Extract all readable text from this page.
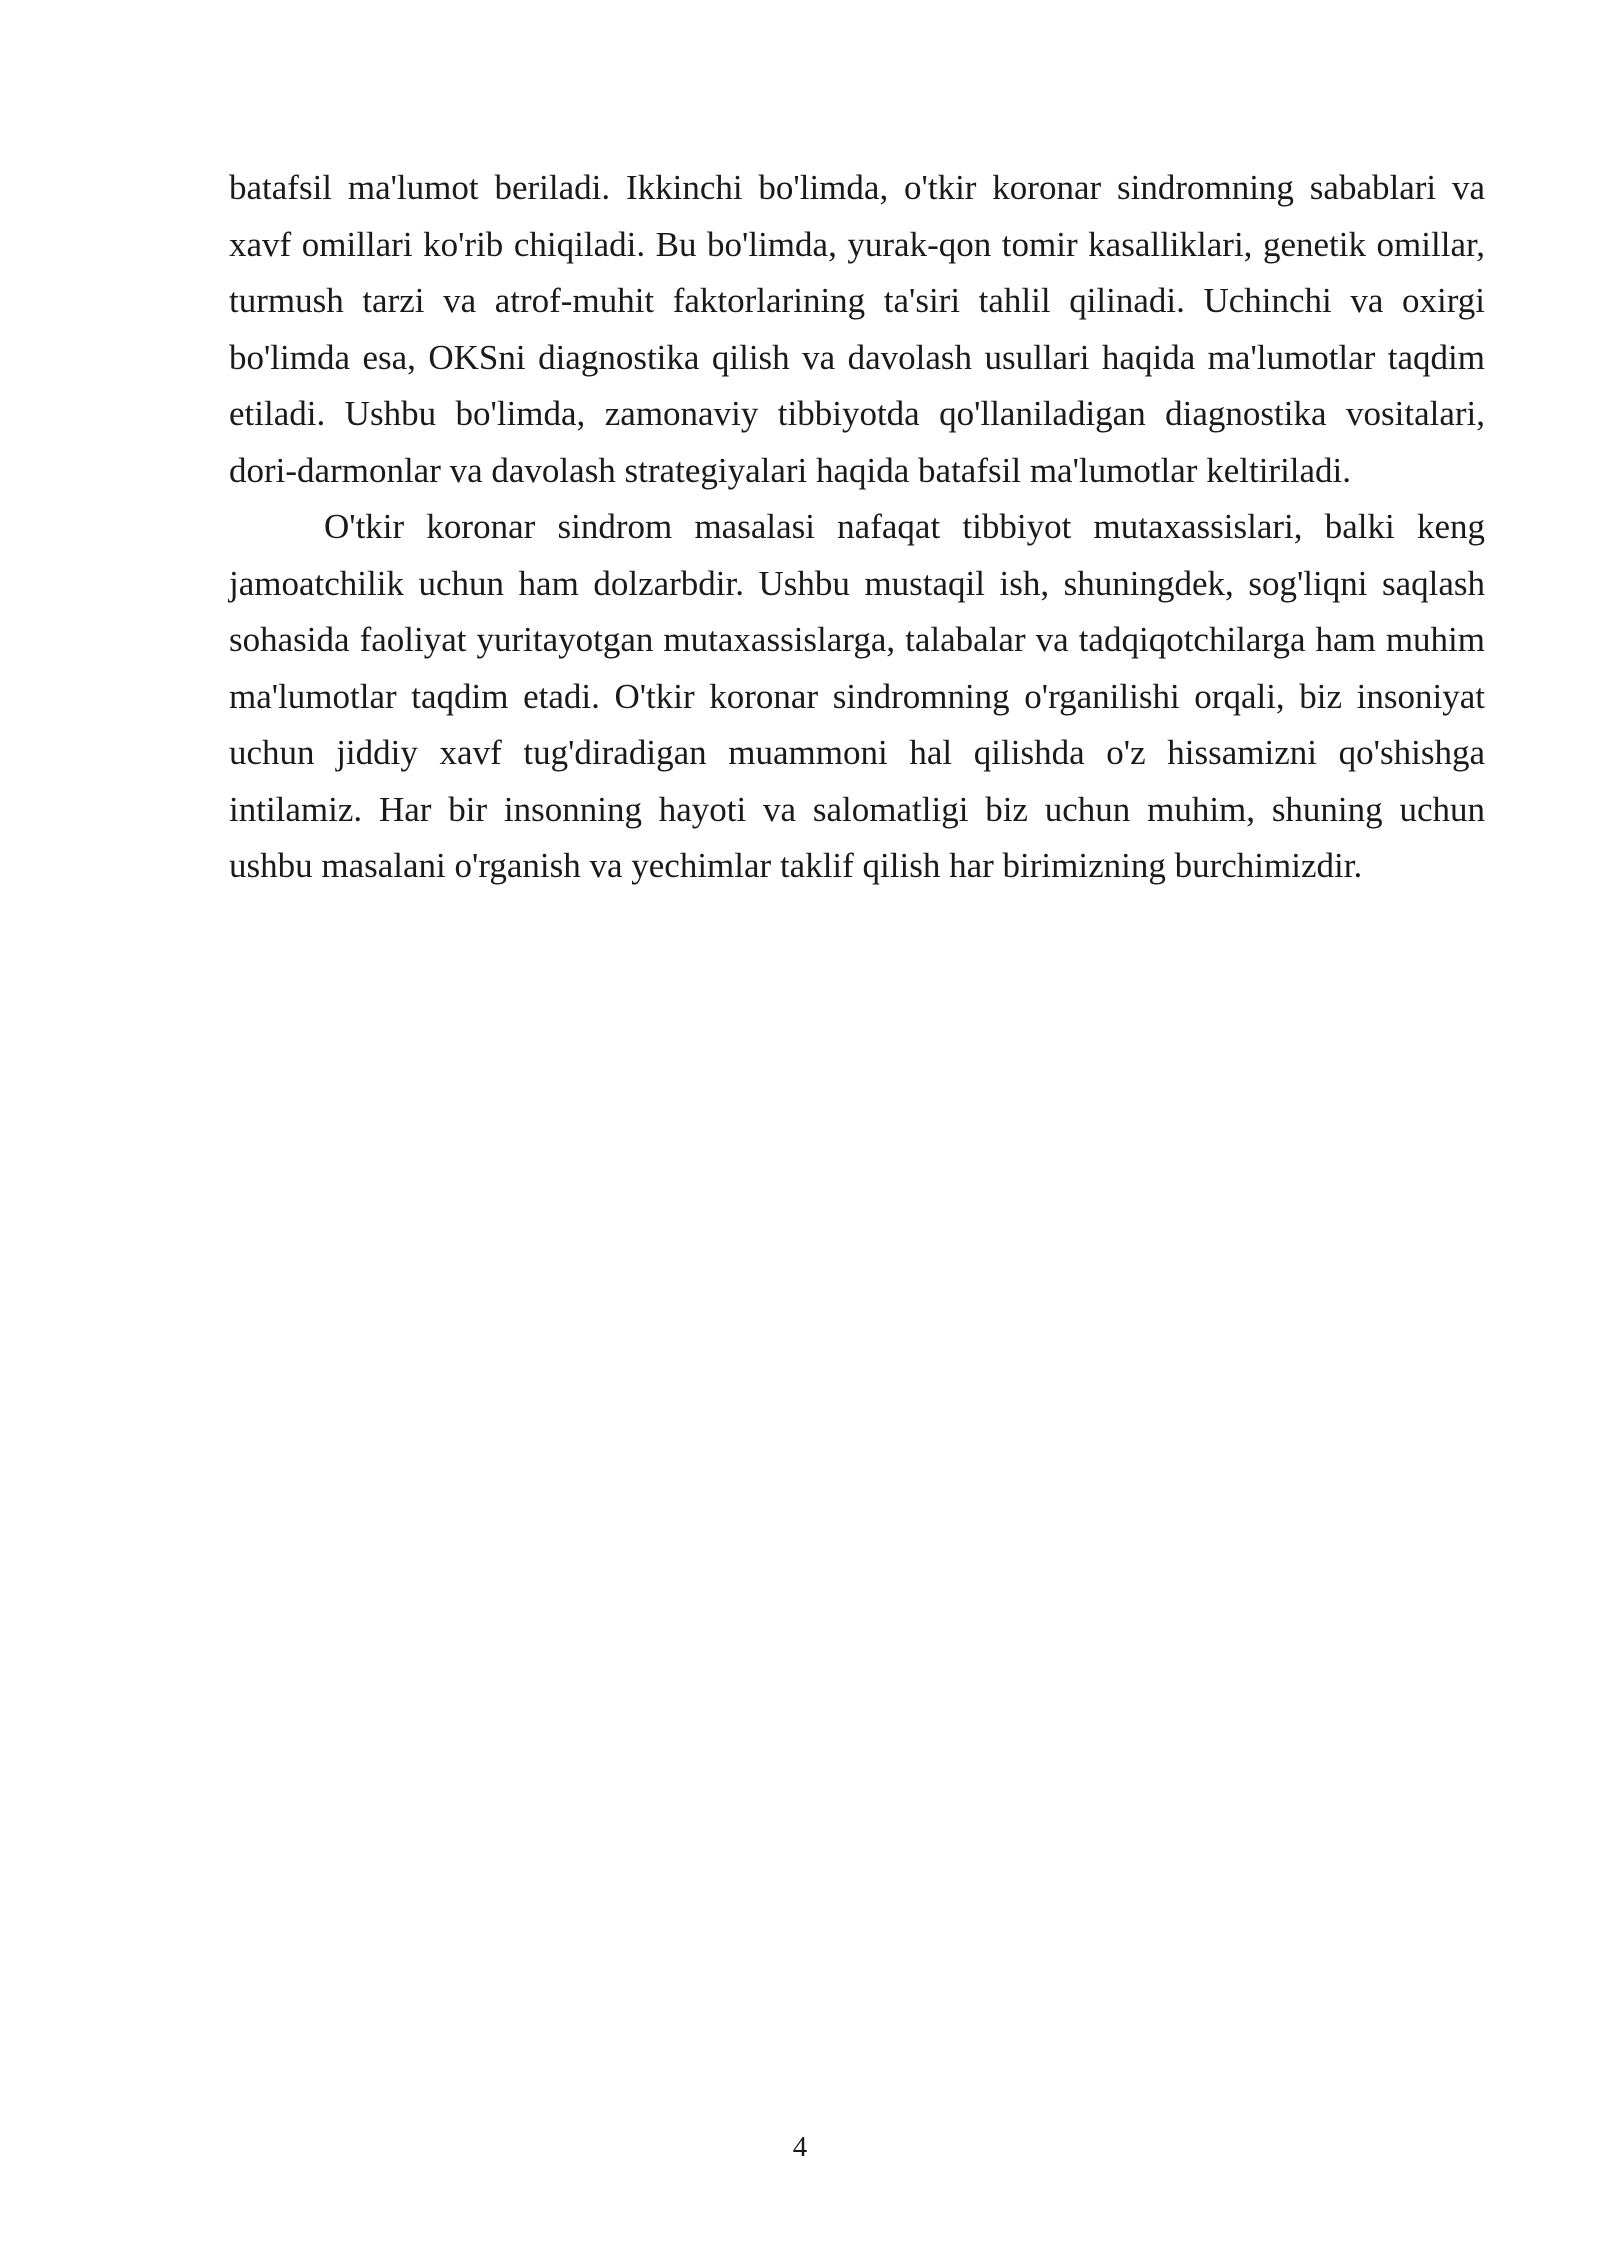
batafsil ma'lumot beriladi. Ikkinchi bo'limda, o'tkir koronar sindromning sabablari va xavf omillari ko'rib chiqiladi. Bu bo'limda, yurak-qon tomir kasalliklari, genetik omillar, turmush tarzi va atrof-muhit faktorlarining ta'siri tahlil qilinadi. Uchinchi va oxirgi bo'limda esa, OKSni diagnostika qilish va davolash usullari haqida ma'lumotlar taqdim etiladi. Ushbu bo'limda, zamonaviy tibbiyotda qo'llaniladigan diagnostika vositalari, dori-darmonlar va davolash strategiyalari haqida batafsil ma'lumotlar keltiriladi.

O'tkir koronar sindrom masalasi nafaqat tibbiyot mutaxassislari, balki keng jamoatchilik uchun ham dolzarbdir. Ushbu mustaqil ish, shuningdek, sog'liqni saqlash sohasida faoliyat yuritayotgan mutaxassislarga, talabalar va tadqiqotchilarga ham muhim ma'lumotlar taqdim etadi. O'tkir koronar sindromning o'rganilishi orqali, biz insoniyat uchun jiddiy xavf tug'diradigan muammoni hal qilishda o'z hissamizni qo'shishga intilamiz. Har bir insonning hayoti va salomatligi biz uchun muhim, shuning uchun ushbu masalani o'rganish va yechimlar taklif qilish har birimizning burchimizdir.

4
